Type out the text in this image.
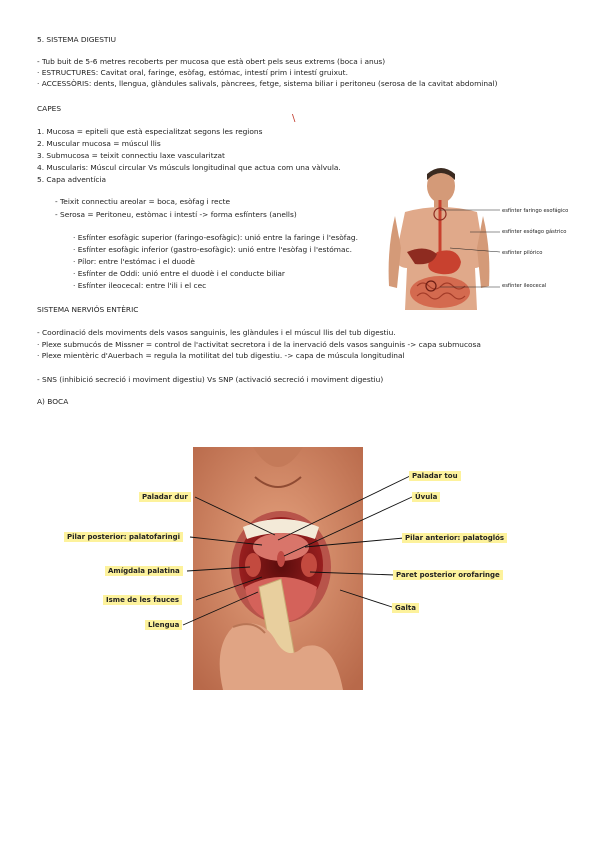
5. SISTEMA DIGESTIU
- Tub buit de 5-6 metres recoberts per mucosa que està obert pels seus extrems (boca i anus)
· ESTRUCTURES: Cavitat oral, faringe, esòfag, estómac, intestí prim i intestí gruixut.
· ACCESSÒRIS: dents, llengua, glàndules salivals, pàncrees, fetge, sistema biliar i peritoneu (serosa de la cavitat abdominal)
CAPES
\
1. Mucosa = epiteli que està especialitzat segons les regions
2. Muscular mucosa = múscul llis
3. Submucosa = teixit connectiu laxe vascularitzat
4. Muscularis: Múscul circular Vs músculs longitudinal que actua com una vàlvula.
5. Capa adventícia
- Teixit connectiu areolar = boca, esòfag i recte
- Serosa = Peritoneu, estòmac i intestí -> forma esfínters (anells)
· Esfínter esofàgic superior (faringo-esofàgic): unió entre la faringe i l'esòfag.
· Esfínter esofàgic inferior (gastro-esofàgic): unió entre l'esòfag i l'estómac.
· Pílor: entre l'estómac i el duodè
· Esfínter de Oddi: unió entre el duodè i el conducte biliar
· Esfínter ileocecal: entre l'ili i el cec
esfínter faringo esofágico
esfínter esófago gástrico
esfínter pilórico
esfínter ileocecal
SISTEMA NERVIÓS ENTÈRIC
- Coordinació dels moviments dels vasos sanguinis, les glàndules i el múscul llis del tub digestiu.
· Plexe submucós de Missner = control de l'activitat secretora i de la inervació dels vasos sanguinis -> capa submucosa
· Plexe mientèric d'Auerbach = regula la motilitat del tub digestiu. -> capa de múscula longitudinal
- SNS (inhibició secreció i moviment digestiu) Vs SNP (activació secreció i moviment digestiu)
A) BOCA
Paladar dur
Pilar posterior: palatofaringi
Amígdala palatina
Isme de les fauces
Llengua
Paladar tou
Úvula
Pilar anterior: palatoglós
Paret posterior orofaringe
Galta
